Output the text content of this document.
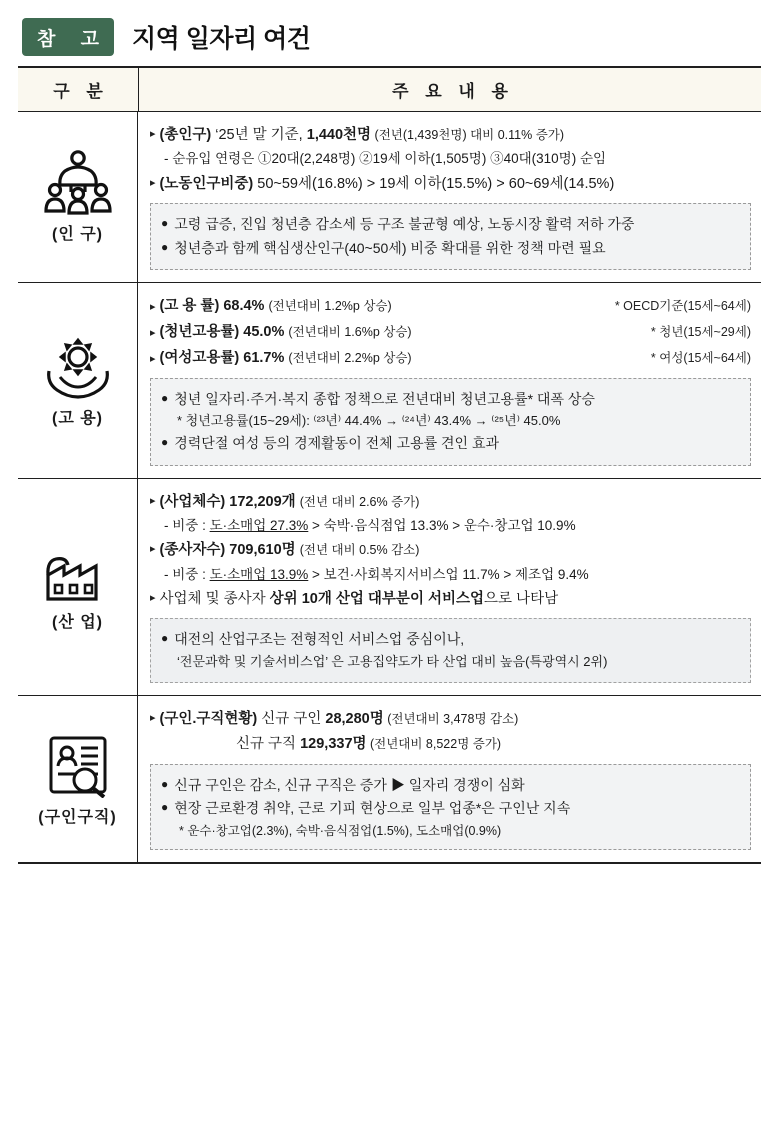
참 고 지역 일자리 여건
구 분	주 요 내 용
(인 구)
▸ (총인구) ‘25년 말 기준, 1,440천명 (전년(1,439천명) 대비 0.11% 증가)
- 순유입 연령은 ①20대(2,248명) ②19세 이하(1,505명) ③40대(310명) 순임
▸ (노동인구비중) 50~59세(16.8%) > 19세 이하(15.5%) > 60~69세(14.5%)
● 고령 급증, 진입 청년층 감소세 등 구조 불균형 예상, 노동시장 활력 저하 가중
● 청년층과 함께 핵심생산인구(40~50세) 비중 확대를 위한 정책 마련 필요
(고 용)
▸ (고 용 률) 68.4% (전년대비 1.2%p 상승)	* OECD기준(15세~64세)
▸ (청년고용률) 45.0% (전년대비 1.6%p 상승)	* 청년(15세~29세)
▸ (여성고용률) 61.7% (전년대비 2.2%p 상승)	* 여성(15세~64세)
● 청년 일자리·주거·복지 종합 정책으로 전년대비 청년고용률* 대폭 상승
* 청년고용률(15~29세): ⁽²³년⁾ 44.4% → ⁽²⁴년⁾ 43.4% → ⁽²⁵년⁾ 45.0%
● 경력단절 여성 등의 경제활동이 전체 고용률 견인 효과
(산 업)
▸ (사업체수) 172,209개 (전년 대비 2.6% 증가)
- 비중 : 도·소매업 27.3% > 숙박·음식점업 13.3% > 운수·창고업 10.9%
▸ (종사자수) 709,610명 (전년 대비 0.5% 감소)
- 비중 : 도·소매업 13.9% > 보건·사회복지서비스업 11.7% > 제조업 9.4%
▸ 사업체 및 종사자 상위 10개 산업 대부분이 서비스업으로 나타남
● 대전의 산업구조는 전형적인 서비스업 중심이나,
‘전문과학 및 기술서비스업’ 은 고용집약도가 타 산업 대비 높음(특광역시 2위)
(구인구직)
▸ (구인.구직현황) 신규 구인 28,280명 (전년대비 3,478명 감소)
신규 구직 129,337명 (전년대비 8,522명 증가)
● 신규 구인은 감소, 신규 구직은 증가 ▶ 일자리 경쟁이 심화
● 현장 근로환경 취약, 근로 기피 현상으로 일부 업종*은 구인난 지속
* 운수·창고업(2.3%), 숙박·음식점업(1.5%), 도소매업(0.9%)
